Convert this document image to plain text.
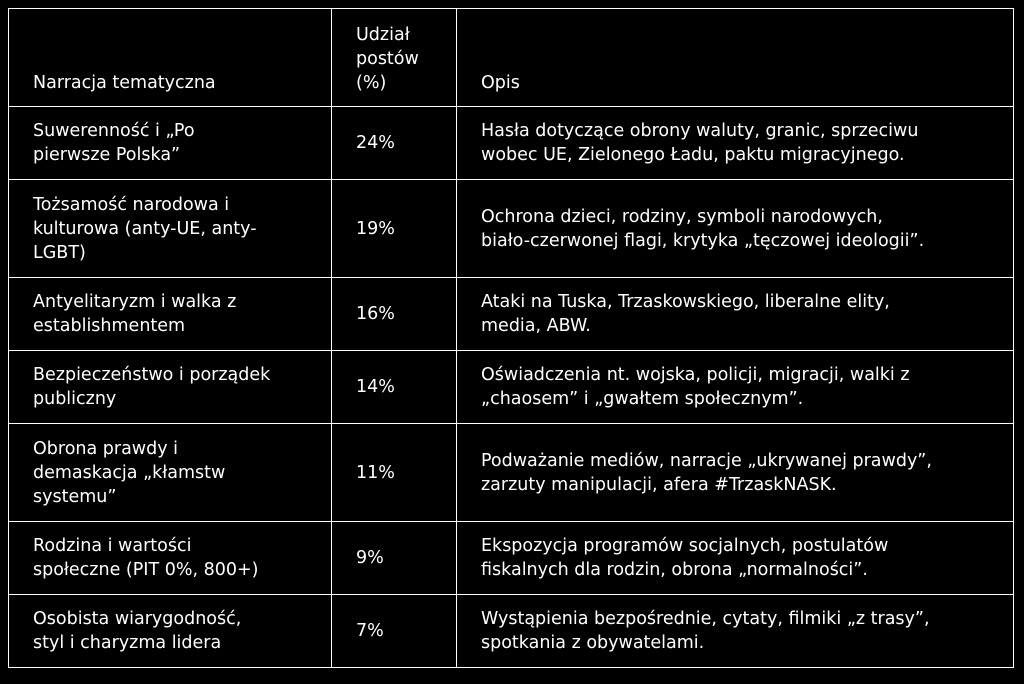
Narracja tematyczna	Udział
postów
(%)	Opis
Suwerenność i „Po
pierwsze Polska”	24%	Hasła dotyczące obrony waluty, granic, sprzeciwu
wobec UE, Zielonego Ładu, paktu migracyjnego.
Tożsamość narodowa i
kulturowa (anty-UE, anty-
LGBT)	19%	Ochrona dzieci, rodziny, symboli narodowych,
biało-czerwonej flagi, krytyka „tęczowej ideologii”.
Antyelitaryzm i walka z
establishmentem	16%	Ataki na Tuska, Trzaskowskiego, liberalne elity,
media, ABW.
Bezpieczeństwo i porządek
publiczny	14%	Oświadczenia nt. wojska, policji, migracji, walki z
„chaosem” i „gwałtem społecznym”.
Obrona prawdy i
demaskacja „kłamstw
systemu”	11%	Podważanie mediów, narracje „ukrywanej prawdy”,
zarzuty manipulacji, afera #TrzaskNASK.
Rodzina i wartości
społeczne (PIT 0%, 800+)	9%	Ekspozycja programów socjalnych, postulatów
fiskalnych dla rodzin, obrona „normalności”.
Osobista wiarygodność,
styl i charyzma lidera	7%	Wystąpienia bezpośrednie, cytaty, filmiki „z trasy”,
spotkania z obywatelami.
